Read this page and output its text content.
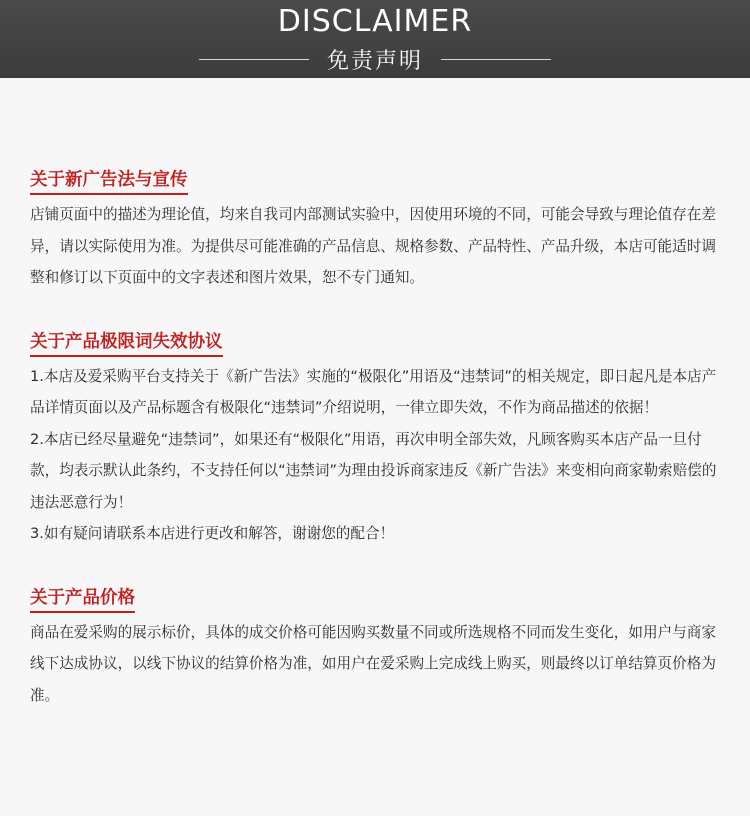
DISCLAIMER
免责声明
关于新广告法与宣传

店铺页面中的描述为理论值，均来自我司内部测试实验中，因使用环境的不同，可能会导致与理论值存在差异，请以实际使用为准。为提供尽可能准确的产品信息、规格参数、产品特性、产品升级，本店可能适时调整和修订以下页面中的文字表述和图片效果，恕不专门通知。

关于产品极限词失效协议

1.本店及爱采购平台支持关于《新广告法》实施的“极限化”用语及“违禁词”的相关规定，即日起凡是本店产品详情页面以及产品标题含有极限化“违禁词”介绍说明，一律立即失效，不作为商品描述的依据！

2.本店已经尽量避免“违禁词”，如果还有“极限化”用语，再次申明全部失效，凡顾客购买本店产品一旦付款，均表示默认此条约，不支持任何以“违禁词”为理由投诉商家违反《新广告法》来变相向商家勒索赔偿的违法恶意行为！

3.如有疑问请联系本店进行更改和解答，谢谢您的配合！

关于产品价格

商品在爱采购的展示标价，具体的成交价格可能因购买数量不同或所选规格不同而发生变化，如用户与商家线下达成协议，以线下协议的结算价格为准，如用户在爱采购上完成线上购买，则最终以订单结算页价格为准。
